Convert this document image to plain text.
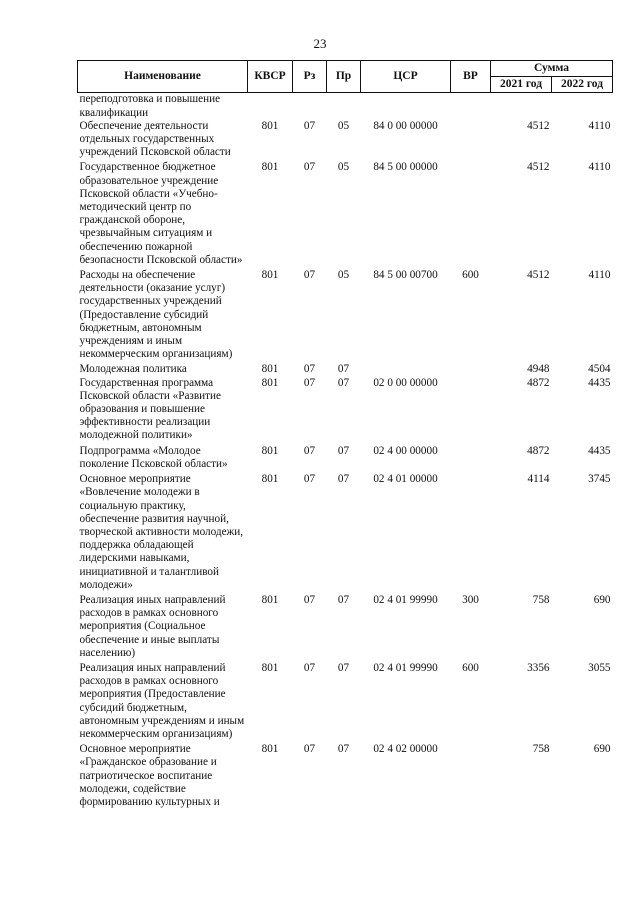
23
Наименование	КВСР	Рз	Пр	ЦСР	ВР	Сумма	
						2021 год	2022 год
переподготовка и повышение квалификации							
Обеспечение деятельности отдельных государственных учреждений Псковской области	801	07	05	84 0 00 00000		4512	4110
Государственное бюджетное образовательное учреждение Псковской области «Учебно-методический центр по гражданской обороне, чрезвычайным ситуациям и обеспечению пожарной безопасности Псковской области»	801	07	05	84 5 00 00000		4512	4110
Расходы на обеспечение деятельности (оказание услуг) государственных учреждений (Предоставление субсидий бюджетным, автономным учреждениям и иным некоммерческим организациям)	801	07	05	84 5 00 00700	600	4512	4110
Молодежная политика	801	07	07			4948	4504
Государственная программа Псковской области «Развитие образования и повышение эффективности реализации молодежной политики»	801	07	07	02 0 00 00000		4872	4435
Подпрограмма «Молодое поколение Псковской области»	801	07	07	02 4 00 00000		4872	4435
Основное мероприятие «Вовлечение молодежи в социальную практику, обеспечение развития научной, творческой активности молодежи, поддержка обладающей лидерскими навыками, инициативной и талантливой молодежи»	801	07	07	02 4 01 00000		4114	3745
Реализация иных направлений расходов в рамках основного мероприятия (Социальное обеспечение и иные выплаты населению)	801	07	07	02 4 01 99990	300	758	690
Реализация иных направлений расходов в рамках основного мероприятия (Предоставление субсидий бюджетным, автономным учреждениям и иным некоммерческим организациям)	801	07	07	02 4 01 99990	600	3356	3055
Основное мероприятие «Гражданское образование и патриотическое воспитание молодежи, содействие формированию культурных и	801	07	07	02 4 02 00000		758	690
